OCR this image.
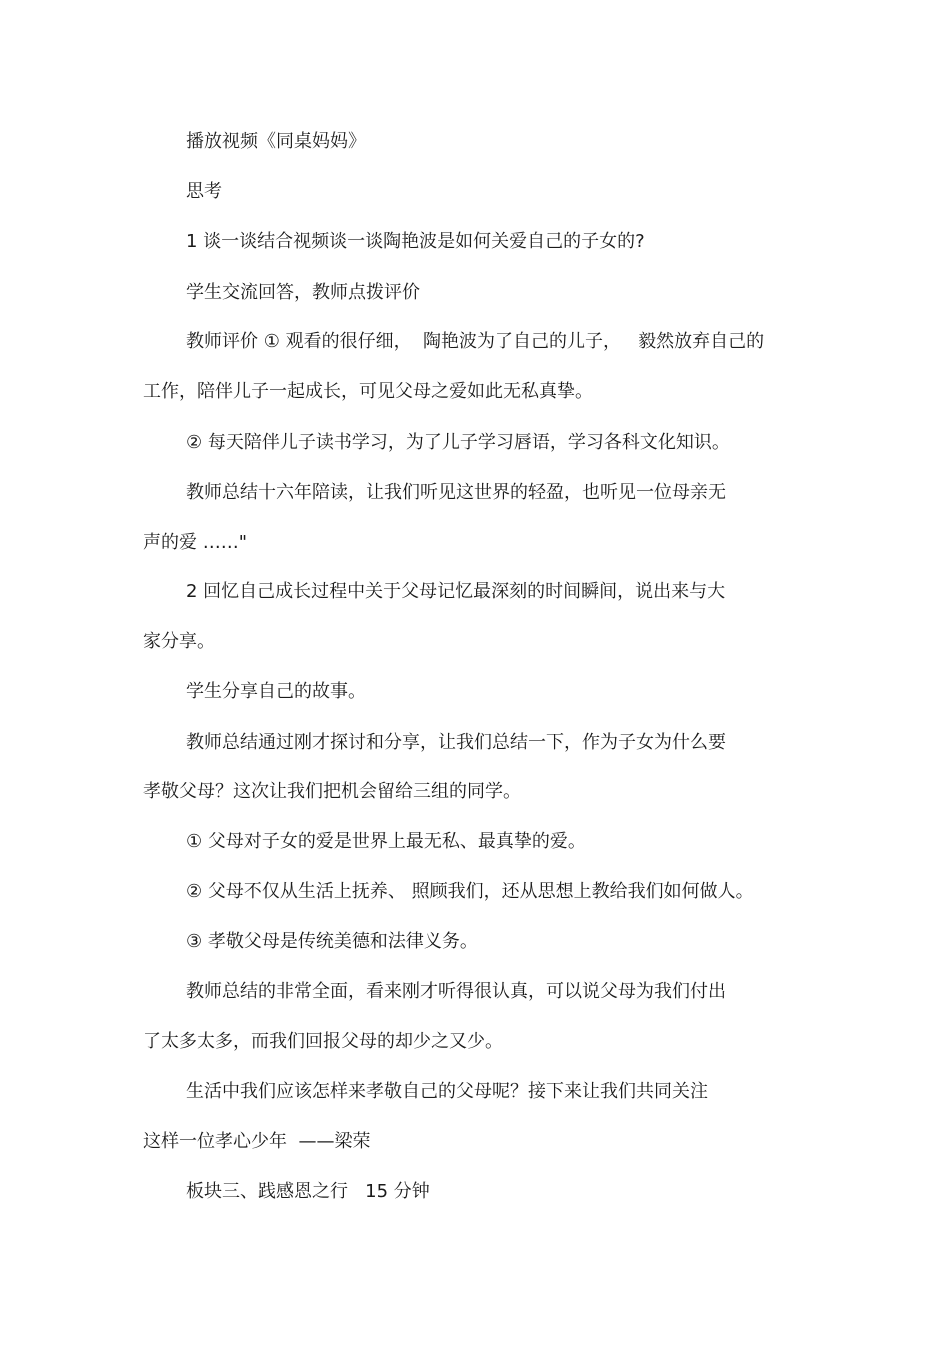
播放视频《同桌妈妈》
思考
1 谈一谈结合视频谈一谈陶艳波是如何关爱自己的子女的?
学生交流回答，教师点拨评价
教师评价 ① 观看的很仔细，  陶艳波为了自己的儿子，   毅然放弃自己的
工作，陪伴儿子一起成长，可见父母之爱如此无私真挚。
② 每天陪伴儿子读书学习，为了儿子学习唇语，学习各科文化知识。
教师总结十六年陪读，让我们听见这世界的轻盈，也听见一位母亲无
声的爱 ……"
2 回忆自己成长过程中关于父母记忆最深刻的时间瞬间，说出来与大
家分享。
学生分享自己的故事。
教师总结通过刚才探讨和分享，让我们总结一下，作为子女为什么要
孝敬父母？这次让我们把机会留给三组的同学。
① 父母对子女的爱是世界上最无私、最真挚的爱。
② 父母不仅从生活上抚养、 照顾我们，还从思想上教给我们如何做人。
③ 孝敬父母是传统美德和法律义务。
教师总结的非常全面，看来刚才听得很认真，可以说父母为我们付出
了太多太多，而我们回报父母的却少之又少。
生活中我们应该怎样来孝敬自己的父母呢？接下来让我们共同关注
这样一位孝心少年  ——梁荣
板块三、践感恩之行   15 分钟
